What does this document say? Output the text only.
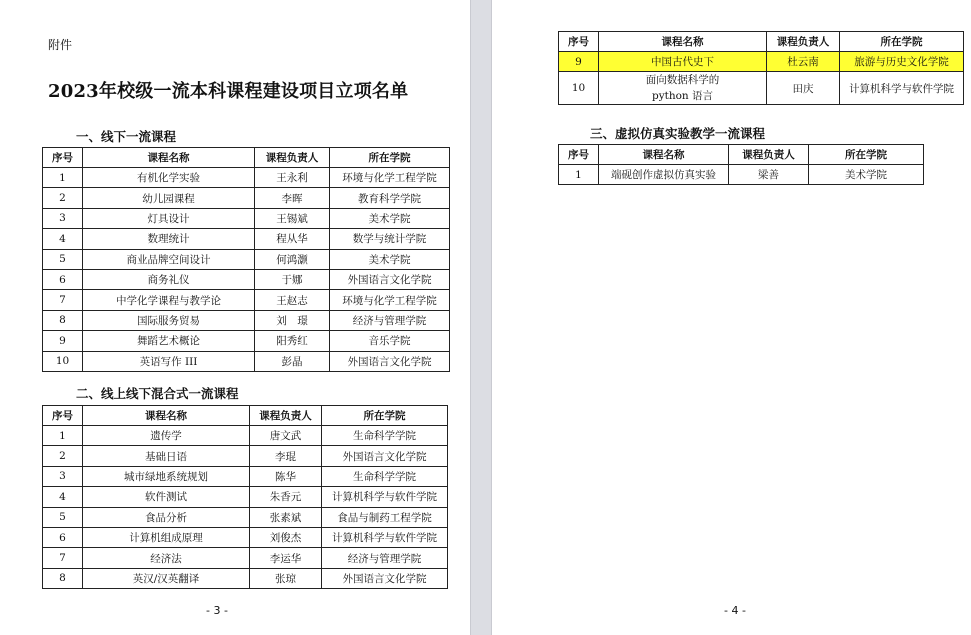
附件
2023年校级一流本科课程建设项目立项名单
一、线下一流课程
序号	课程名称	课程负责人	所在学院
1	有机化学实验	王永利	环境与化学工程学院
2	幼儿园课程	李晖	教育科学学院
3	灯具设计	王锡斌	美术学院
4	数理统计	程从华	数学与统计学院
5	商业品牌空间设计	何鸿灏	美术学院
6	商务礼仪	于娜	外国语言文化学院
7	中学化学课程与教学论	王赵志	环境与化学工程学院
8	国际服务贸易	刘　璟	经济与管理学院
9	舞蹈艺术概论	阳秀红	音乐学院
10	英语写作 III	彭晶	外国语言文化学院
二、线上线下混合式一流课程
序号	课程名称	课程负责人	所在学院
1	遗传学	唐文武	生命科学学院
2	基础日语	李琨	外国语言文化学院
3	城市绿地系统规划	陈华	生命科学学院
4	软件测试	朱香元	计算机科学与软件学院
5	食品分析	张素斌	食品与制药工程学院
6	计算机组成原理	刘俊杰	计算机科学与软件学院
7	经济法	李运华	经济与管理学院
8	英汉/汉英翻译	张琼	外国语言文化学院
- 3 -
序号	课程名称	课程负责人	所在学院
9	中国古代史下	杜云南	旅游与历史文化学院
10	面向数据科学的
python 语言	田庆	计算机科学与软件学院
三、虚拟仿真实验教学一流课程
序号	课程名称	课程负责人	所在学院
1	端砚创作虚拟仿真实验	梁善	美术学院
- 4 -
